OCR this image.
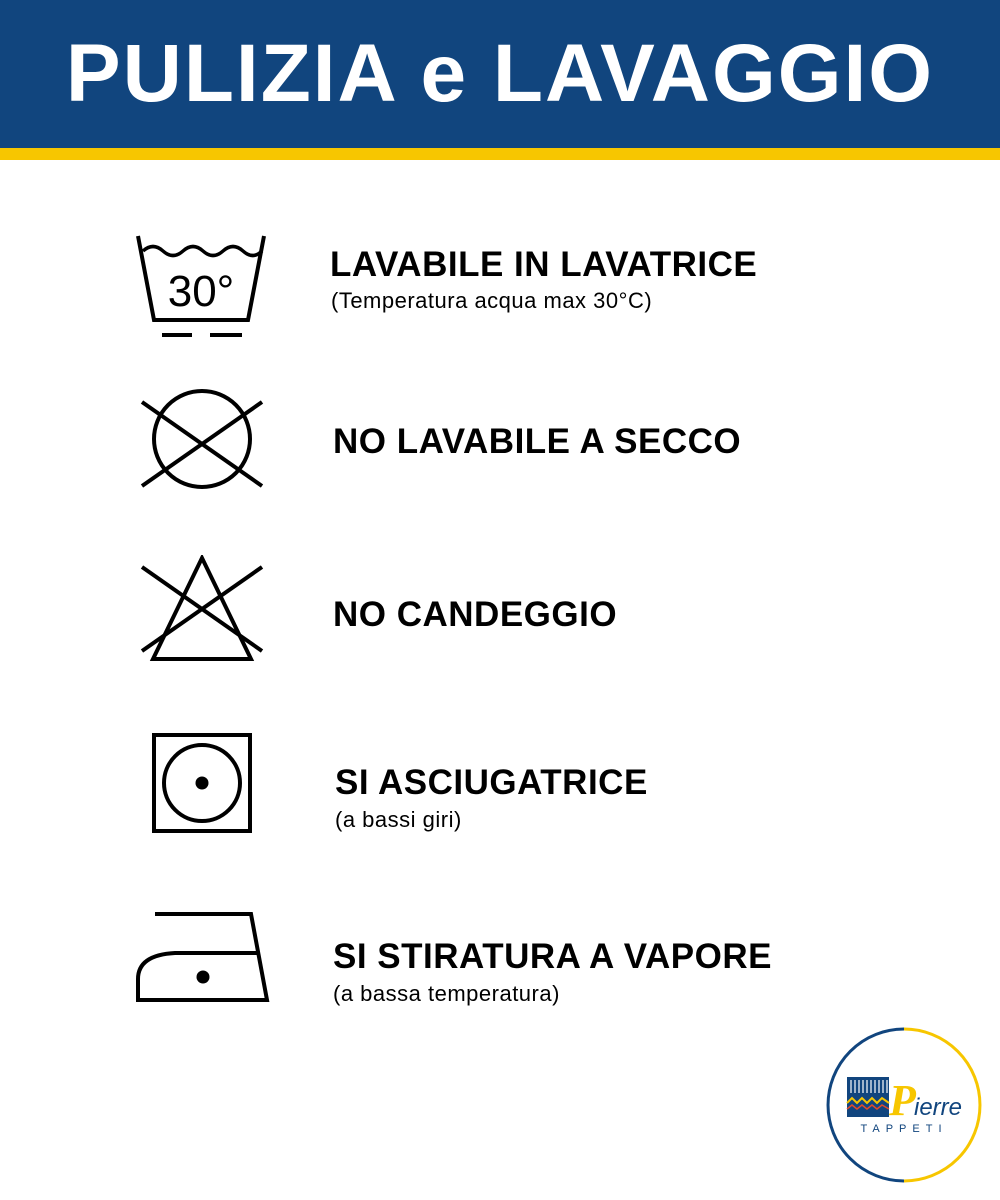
PULIZIA e LAVAGGIO
30°
LAVABILE IN LAVATRICE
(Temperatura acqua max 30°C)
NO LAVABILE A SECCO
NO CANDEGGIO
SI ASCIUGATRICE
(a bassi giri)
SI STIRATURA A VAPORE
(a bassa temperatura)
P
ierre
TAPPETI
